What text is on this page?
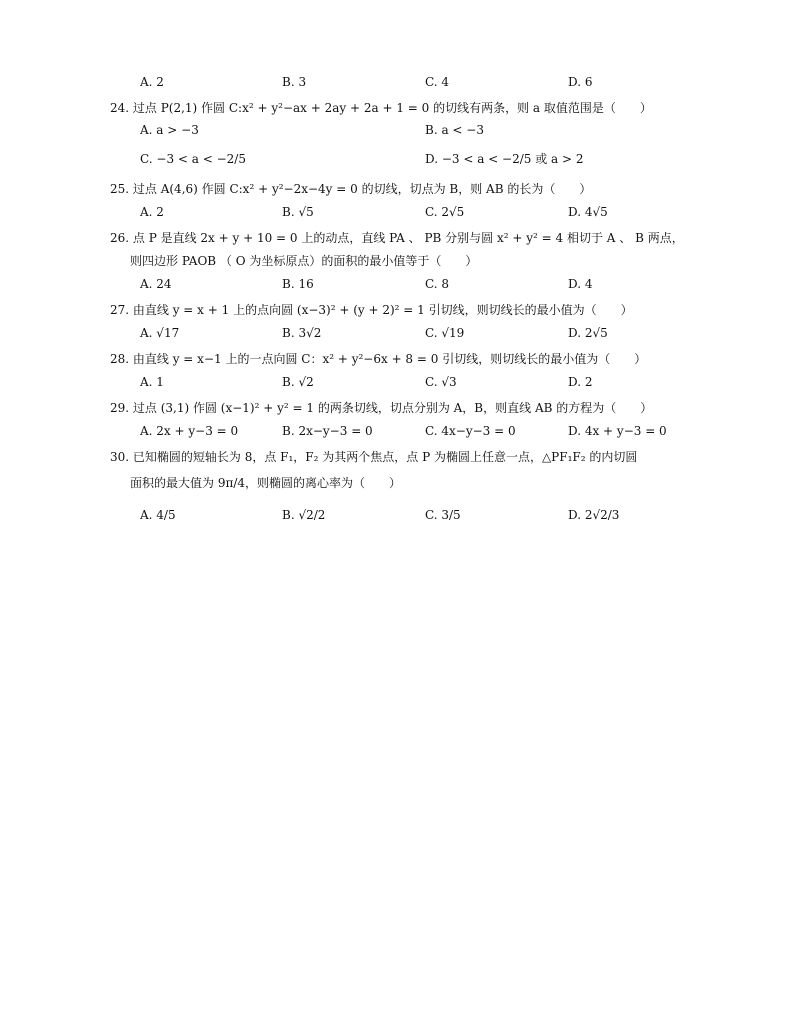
A. 2	B. 3	C. 4	D. 6
24. 过点 P(2,1) 作圆 C:x² + y²−ax + 2ay + 2a + 1 = 0 的切线有两条，则 a 取值范围是（　　）
A. a > −3	B. a < −3
C. −3 < a < −2/5	D. −3 < a < −2/5 或 a > 2
25. 过点 A(4,6) 作圆 C:x² + y²−2x−4y = 0 的切线，切点为 B，则 AB 的长为（　　）
A. 2	B. √5	C. 2√5	D. 4√5
26. 点 P 是直线 2x + y + 10 = 0 上的动点，直线 PA 、 PB 分别与圆 x² + y² = 4 相切于 A 、 B 两点，
则四边形 PAOB （ O 为坐标原点）的面积的最小值等于（　　）
A. 24	B. 16	C. 8	D. 4
27. 由直线 y = x + 1 上的点向圆 (x−3)² + (y + 2)² = 1 引切线，则切线长的最小值为（　　）
A. √17	B. 3√2	C. √19	D. 2√5
28. 由直线 y = x−1 上的一点向圆 C：x² + y²−6x + 8 = 0 引切线，则切线长的最小值为（　　）
A. 1	B. √2	C. √3	D. 2
29. 过点 (3,1) 作圆 (x−1)² + y² = 1 的两条切线，切点分别为 A，B，则直线 AB 的方程为（　　）
A. 2x + y−3 = 0	B. 2x−y−3 = 0	C. 4x−y−3 = 0	D. 4x + y−3 = 0
30. 已知椭圆的短轴长为 8，点 F₁，F₂ 为其两个焦点，点 P 为椭圆上任意一点，△PF₁F₂ 的内切圆
面积的最大值为 9π/4，则椭圆的离心率为（　　）
A. 4/5	B. √2/2	C. 3/5	D. 2√2/3
